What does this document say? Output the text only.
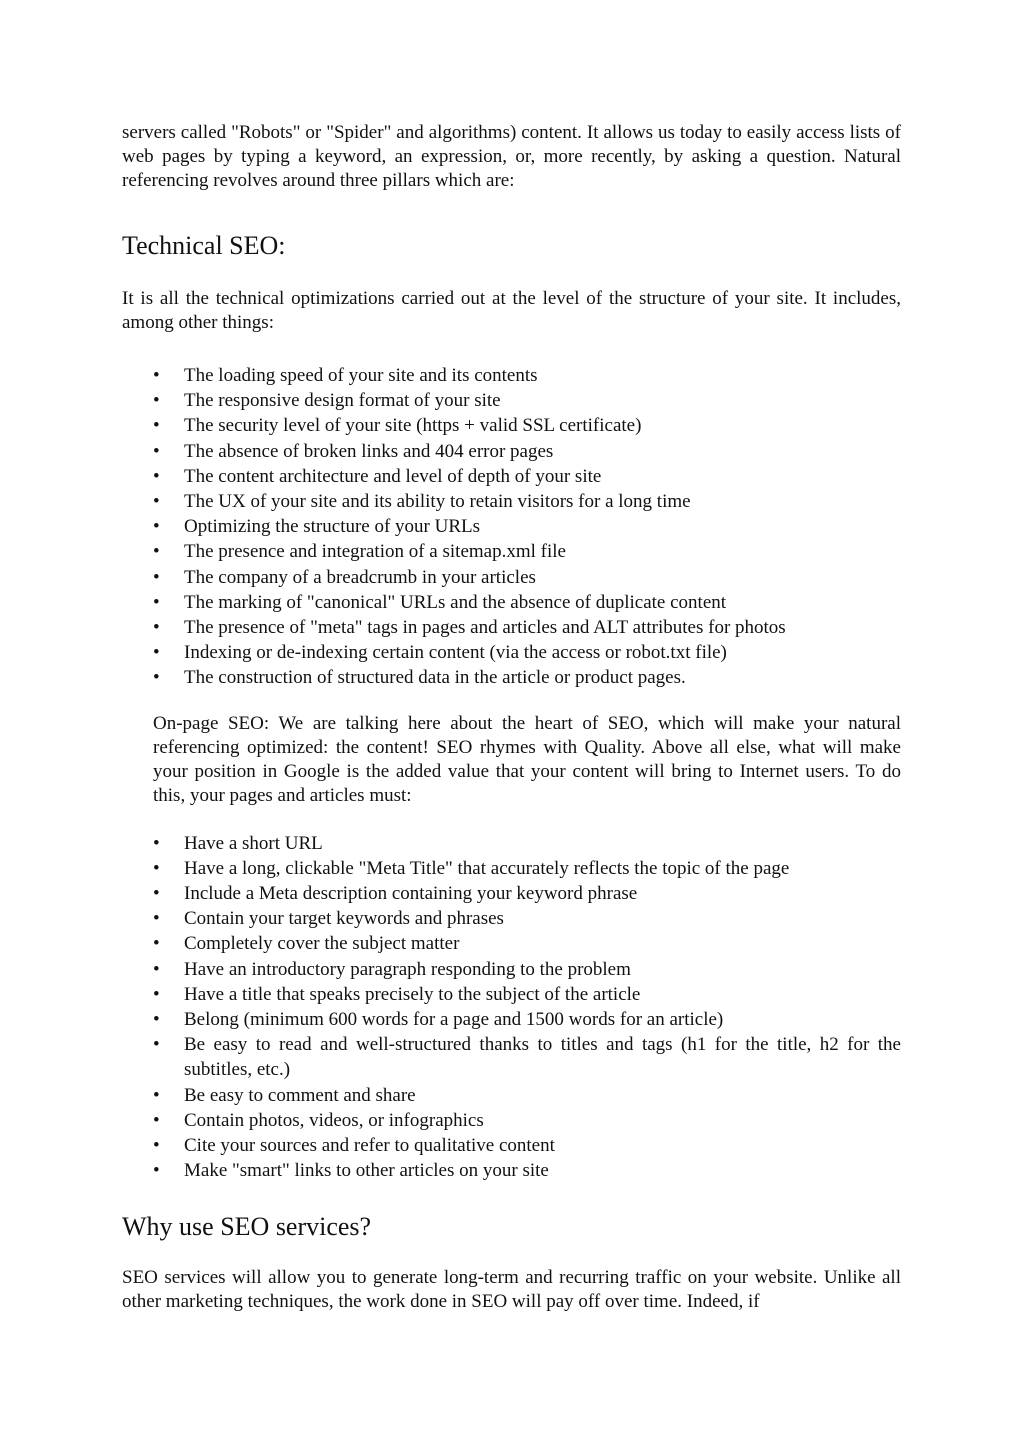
servers called "Robots" or "Spider" and algorithms) content. It allows us today to easily access lists of web pages by typing a keyword, an expression, or, more recently, by asking a question. Natural referencing revolves around three pillars which are:

Technical SEO:

It is all the technical optimizations carried out at the level of the structure of your site. It includes, among other things:

• The loading speed of your site and its contents
• The responsive design format of your site
• The security level of your site (https + valid SSL certificate)
• The absence of broken links and 404 error pages
• The content architecture and level of depth of your site
• The UX of your site and its ability to retain visitors for a long time
• Optimizing the structure of your URLs
• The presence and integration of a sitemap.xml file
• The company of a breadcrumb in your articles
• The marking of "canonical" URLs and the absence of duplicate content
• The presence of "meta" tags in pages and articles and ALT attributes for photos
• Indexing or de-indexing certain content (via the access or robot.txt file)
• The construction of structured data in the article or product pages.

On-page SEO: We are talking here about the heart of SEO, which will make your natural referencing optimized: the content! SEO rhymes with Quality. Above all else, what will make your position in Google is the added value that your content will bring to Internet users. To do this, your pages and articles must:

• Have a short URL
• Have a long, clickable "Meta Title" that accurately reflects the topic of the page
• Include a Meta description containing your keyword phrase
• Contain your target keywords and phrases
• Completely cover the subject matter
• Have an introductory paragraph responding to the problem
• Have a title that speaks precisely to the subject of the article
• Belong (minimum 600 words for a page and 1500 words for an article)
• Be easy to read and well-structured thanks to titles and tags (h1 for the title, h2 for the subtitles, etc.)
• Be easy to comment and share
• Contain photos, videos, or infographics
• Cite your sources and refer to qualitative content
• Make "smart" links to other articles on your site
Why use SEO services?

SEO services will allow you to generate long-term and recurring traffic on your website. Unlike all other marketing techniques, the work done in SEO will pay off over time. Indeed, if
